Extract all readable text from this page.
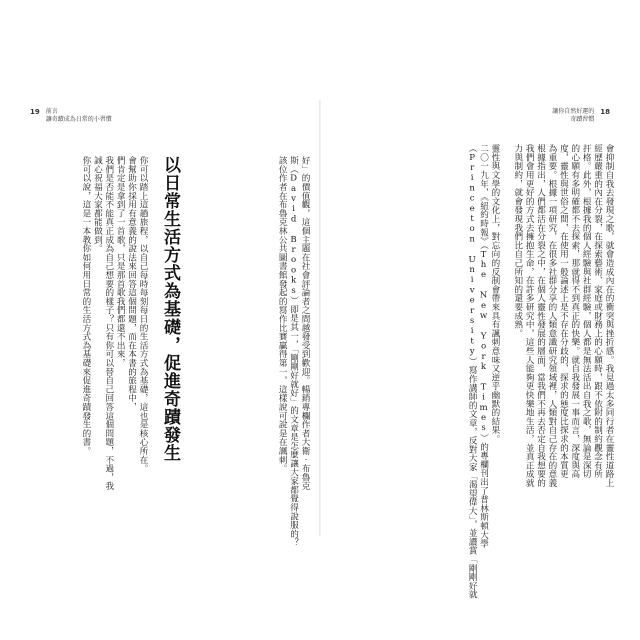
19 前言
讓奇蹟成為日常的小習慣
你可以踏上這趟旅程，以自己每時每刻每日的生活方式為基礎，這也是核心所在。
會幫助你採用有意義的說法來回答這個問題，而在本書的旅程中，
們肯定是拿到了一首歌，只是那首歌我們都還不出來，
我們是否能不能真正成為自己想要的樣子？只有你可以替自己回答這個問題，不過，我
誠心祝福大家都能做到。
你可以說，這是一本教你如何用日常的生活方式為基礎來促進奇蹟發生的書。	以日常生活方式為基礎，促進奇蹟發生	好」的價值觀，這個主題在社會評論者之間越發受到歡迎。暢銷專欄作者大衛‧布魯克
斯（David Brooks）即是其一，「剛剛好就好」的文章是怎麼讓大家都覺得說服的？
該位作者在布魯克林公共圖書館發起的寫作比賽贏得第一，這樣說可說是在諷刺。
讓你自然好運的
奇蹟習慣
18
會抑制自我去發現之歌，就會造成內在的衝突與挫折感。我見過太多同行者在靈性道路上
經歷嚴重的內在分裂，在探索藝術、家庭或財務上的心願時，跟不依附的制約觀念有所
扞格。此外，根據我的個人經驗與社群經驗，個人都是無法活出自我之歌，無論是深切
的心願有多明確都不去探索，那就得不到真正的快樂。就自我發展一事而言，深度與高
度，靈性與世俗之間，在使用一般論述上是不存在分歧的，探求的態度比探求的本質更
為重要。根據一項研究，在很多社群分享的人類意識研究領域裡，人類對自己存在的意義
根據指出，人們都活在分裂之中，在個人靈性發展的層面，當我們不再去否定自我想要的
我們會用更好的方式去擁抱生命，在許多研究中，這些人能夠更快樂地生活，並真正成就
力與制約，就會發現我們比自己所知的還要成熟。

靈性與文學的文化上，對忘向的反制會帶來具有諷刺意味又逆乎幽默的結果。
二〇一九年，《紐約時報》（The New York Times）的專欄刊出了普林斯頓大學
（Princeton University）寫作講師的文章，反對大家「渴望偉大」，並讚賞「剛剛好就
